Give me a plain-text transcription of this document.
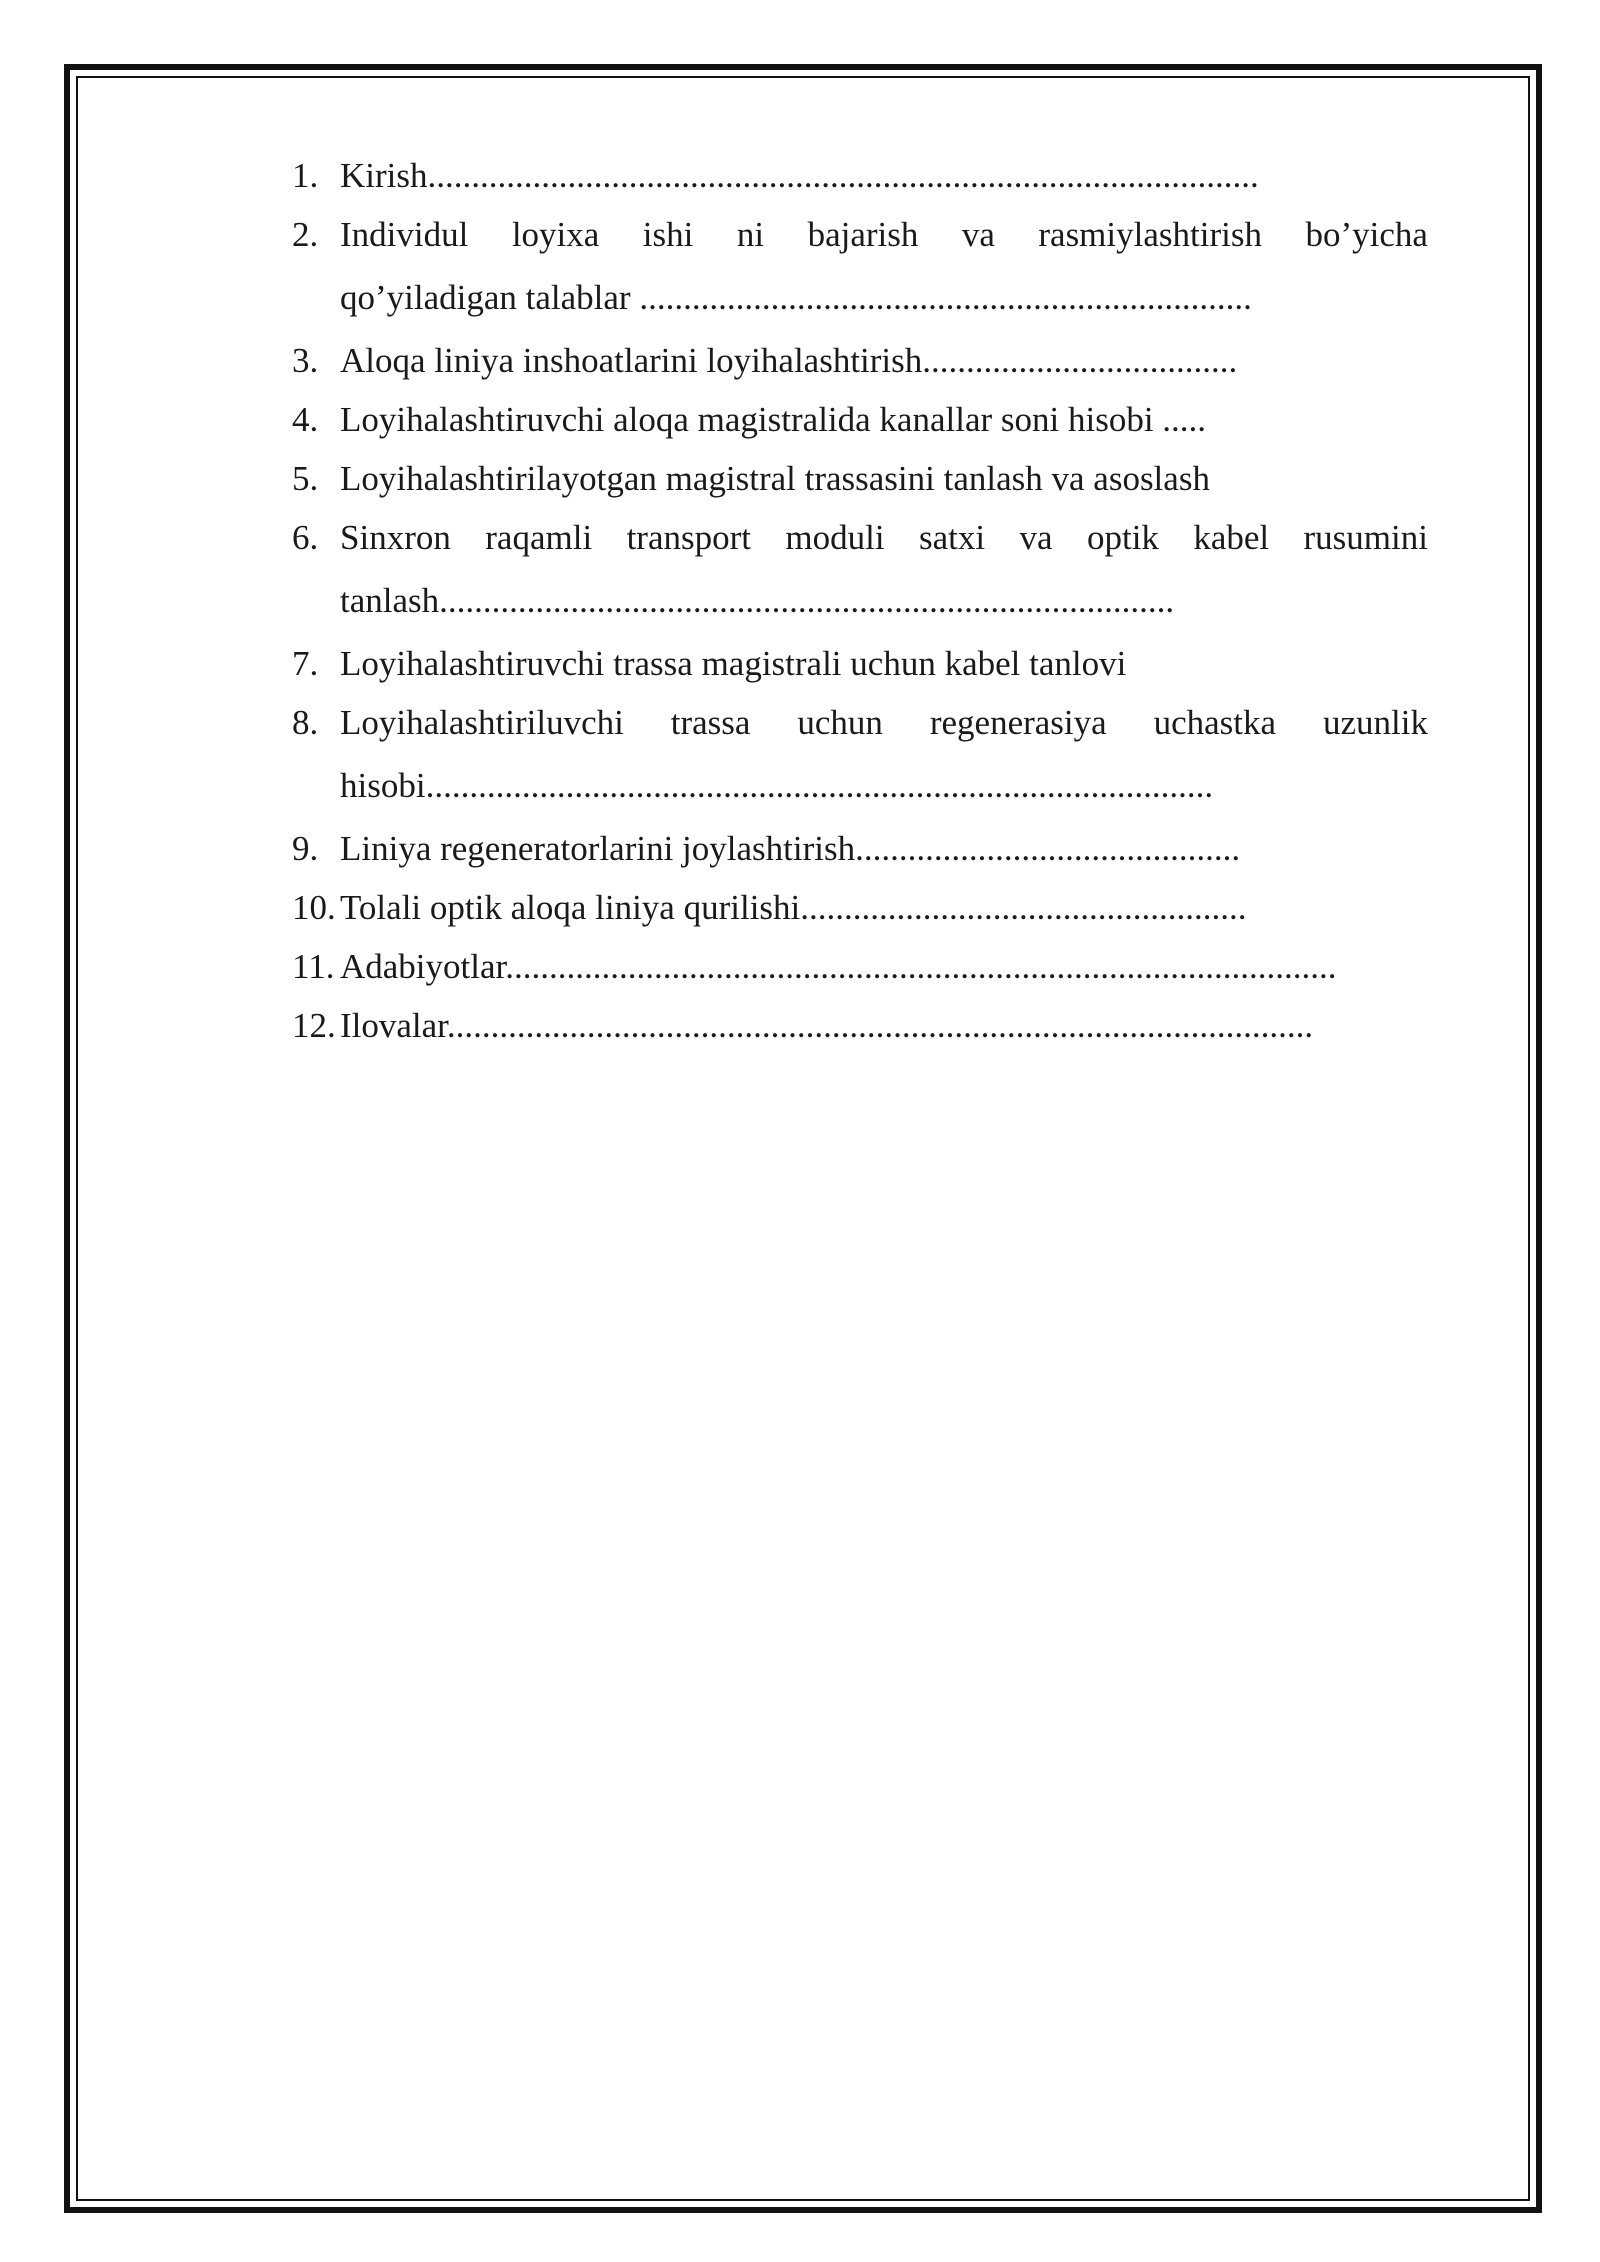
1. Kirish...............................................................................................
2. Individul loyixa ishi ni bajarish va rasmiylashtirish bo’yicha
qo’yiladigan talablar ......................................................................
3. Aloqa liniya inshoatlarini loyihalashtirish....................................
4. Loyihalashtiruvchi aloqa magistralida kanallar soni hisobi .....
5. Loyihalashtirilayotgan magistral trassasini tanlash va asoslash
6. Sinxron raqamli transport moduli satxi va optik kabel rusumini
tanlash....................................................................................
7. Loyihalashtiruvchi trassa magistrali uchun kabel tanlovi
8. Loyihalashtiriluvchi trassa uchun regenerasiya uchastka uzunlik
hisobi..........................................................................................
9. Liniya regeneratorlarini joylashtirish............................................
10. Tolali optik aloqa liniya qurilishi...................................................
11. Adabiyotlar...............................................................................................
12. Ilovalar...................................................................................................
